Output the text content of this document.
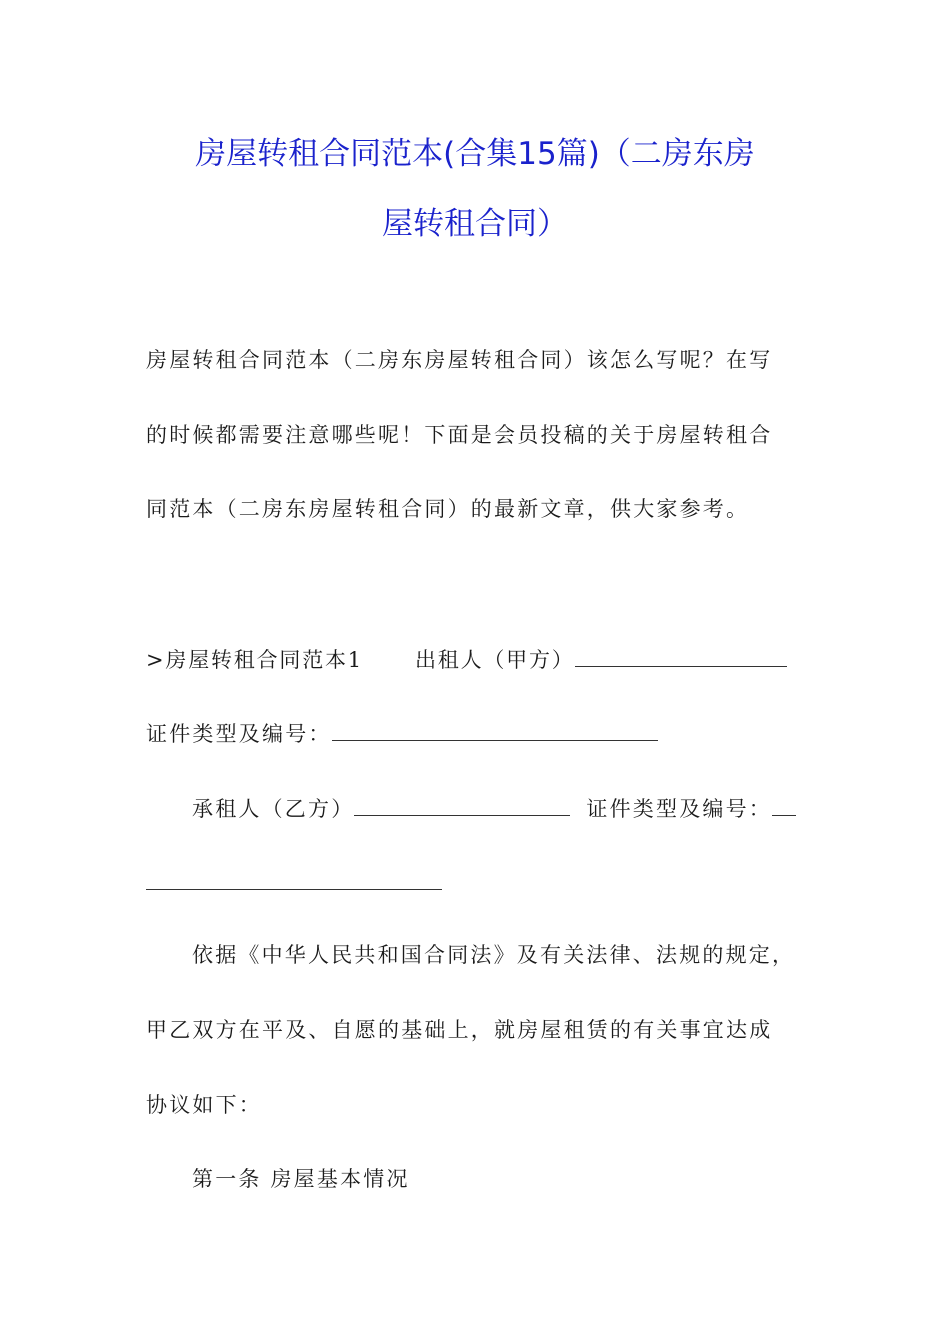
房屋转租合同范本(合集15篇)（二房东房
屋转租合同）

房屋转租合同范本（二房东房屋转租合同）该怎么写呢？在写

的时候都需要注意哪些呢！下面是会员投稿的关于房屋转租合

同范本（二房东房屋转租合同）的最新文章，供大家参考。

>房屋转租合同范本1 出租人（甲方）

证件类型及编号：

承租人（乙方）	证件类型及编号：

依据《中华人民共和国合同法》及有关法律、法规的规定，

甲乙双方在平及、自愿的基础上，就房屋租赁的有关事宜达成

协议如下：

第一条 房屋基本情况
